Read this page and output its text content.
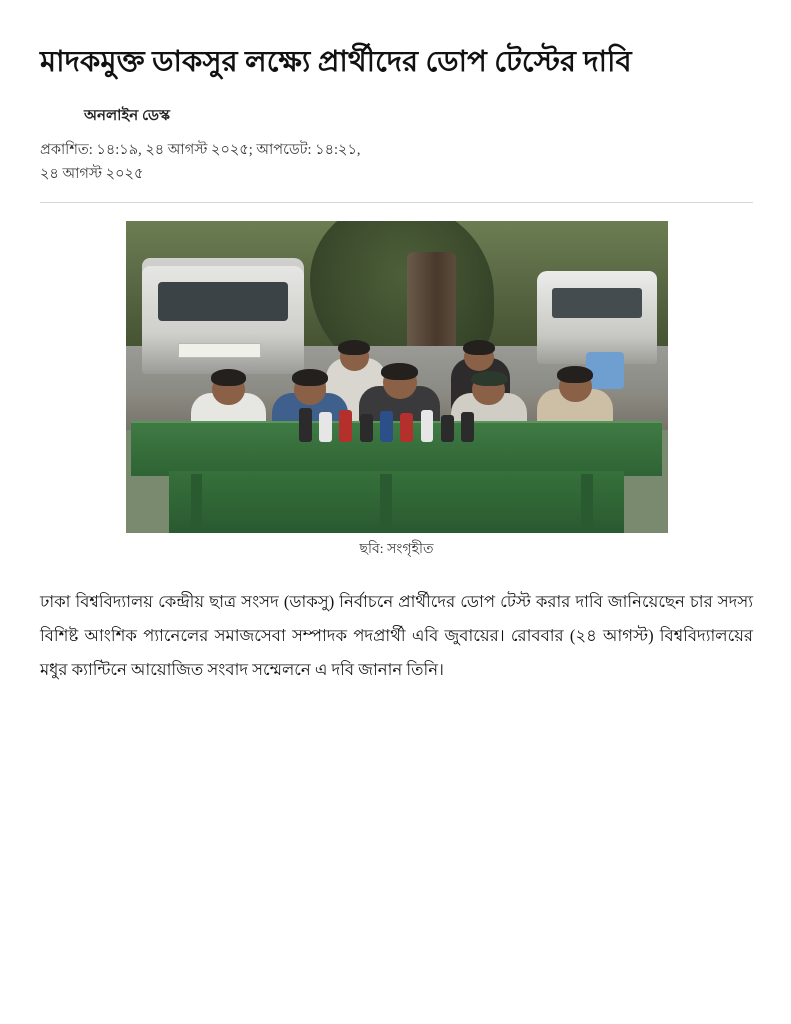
মাদকমুক্ত ডাকসুর লক্ষ্যে প্রার্থীদের ডোপ টেস্টের দাবি
অনলাইন ডেস্ক
প্রকাশিত: ১৪:১৯, ২৪ আগস্ট ২০২৫; আপডেট: ১৪:২১, ২৪ আগস্ট ২০২৫
ছবি: সংগৃহীত

ঢাকা বিশ্ববিদ্যালয় কেন্দ্রীয় ছাত্র সংসদ (ডাকসু) নির্বাচনে প্রার্থীদের ডোপ টেস্ট করার দাবি জানিয়েছেন চার সদস্য বিশিষ্ট আংশিক প্যানেলের সমাজসেবা সম্পাদক পদপ্রার্থী এবি জুবায়ের। রোববার (২৪ আগস্ট) বিশ্ববিদ্যালয়ের মধুর ক্যান্টিনে আয়োজিত সংবাদ সম্মেলনে এ দবি জানান তিনি।
